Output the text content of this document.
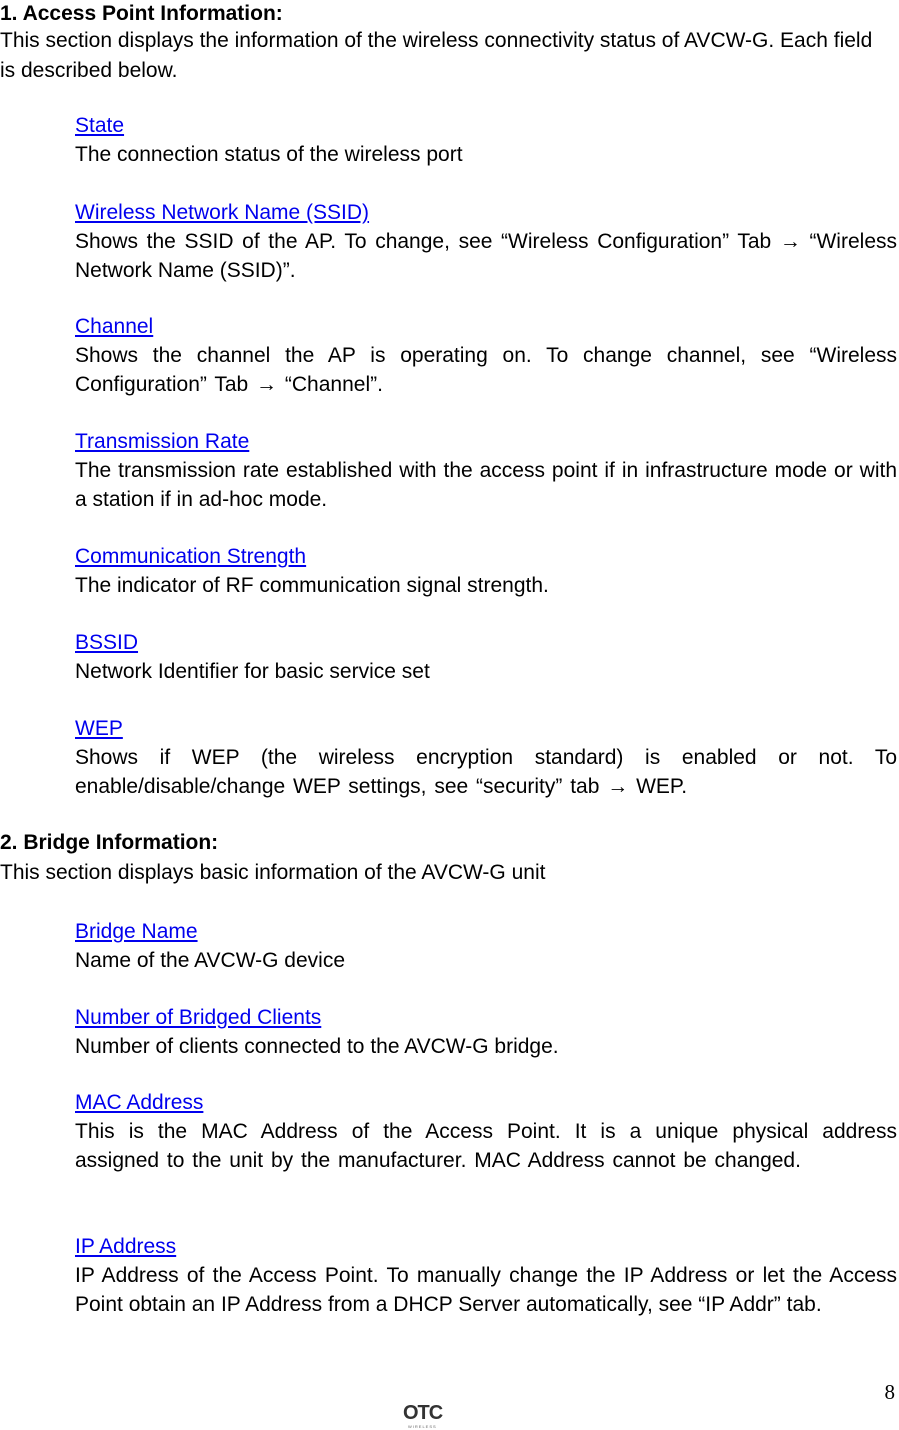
1. Access Point Information:

This section displays the information of the wireless connectivity status of AVCW-G. Each field is described below.

State
The connection status of the wireless port
Wireless Network Name (SSID)
Shows the SSID of the AP. To change, see “Wireless Configuration” Tab → “Wireless Network Name (SSID)”.
Channel
Shows the channel the AP is operating on. To change channel, see “Wireless Configuration” Tab → “Channel”.
Transmission Rate
The transmission rate established with the access point if in infrastructure mode or with a station if in ad-hoc mode.
Communication Strength
The indicator of RF communication signal strength.
BSSID
Network Identifier for basic service set
WEP
Shows if WEP (the wireless encryption standard) is enabled or not. To enable/disable/change WEP settings, see “security” tab → WEP.

2. Bridge Information:

This section displays basic information of the AVCW-G unit

Bridge Name
Name of the AVCW-G device
Number of Bridged Clients
Number of clients connected to the AVCW-G bridge.
MAC Address
This is the MAC Address of the Access Point. It is a unique physical address assigned to the unit by the manufacturer. MAC Address cannot be changed.
IP Address
IP Address of the Access Point. To manually change the IP Address or let the Access Point obtain an IP Address from a DHCP Server automatically, see “IP Addr” tab.
8
OTC
WIRELESS
